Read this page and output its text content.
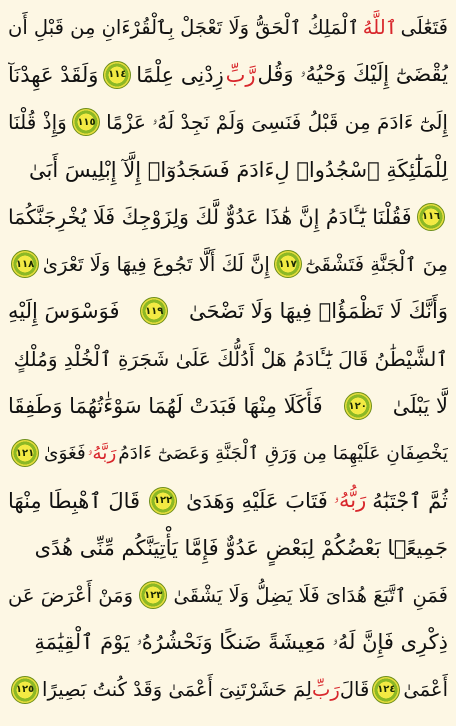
فَتَعَٰلَى
ٱللَّهُ
ٱلْمَلِكُ ٱلْحَقُّ وَلَا تَعْجَلْ بِٱلْقُرْءَانِ مِن قَبْلِ أَن
يُقْضَىٰٓ إِلَيْكَ وَحْيُهُۥ وَقُل
رَّبِّ
زِدْنِى عِلْمًا
١١٤
وَلَقَدْ عَهِدْنَآ
إِلَىٰٓ ءَادَمَ مِن قَبْلُ فَنَسِىَ وَلَمْ نَجِدْ لَهُۥ عَزْمًا
١١٥
وَإِذْ قُلْنَا
لِلْمَلَٰٓئِكَةِ ٱسْجُدُوا۟ لِءَادَمَ فَسَجَدُوٓا۟ إِلَّآ إِبْلِيسَ أَبَىٰ
١١٦
فَقُلْنَا يَٰٓـَٔادَمُ إِنَّ هَٰذَا عَدُوٌّ لَّكَ وَلِزَوْجِكَ فَلَا يُخْرِجَنَّكُمَا
مِنَ ٱلْجَنَّةِ فَتَشْقَىٰٓ
١١٧
إِنَّ لَكَ أَلَّا تَجُوعَ فِيهَا وَلَا تَعْرَىٰ
١١٨
وَأَنَّكَ لَا تَظْمَؤُا۟ فِيهَا وَلَا تَضْحَىٰ
١١٩
فَوَسْوَسَ إِلَيْهِ
ٱلشَّيْطَٰنُ قَالَ يَٰٓـَٔادَمُ هَلْ أَدُلُّكَ عَلَىٰ شَجَرَةِ ٱلْخُلْدِ وَمُلْكٍ
لَّا يَبْلَىٰ
١٢٠
فَأَكَلَا مِنْهَا فَبَدَتْ لَهُمَا سَوْءَٰتُهُمَا وَطَفِقَا
يَخْصِفَانِ عَلَيْهِمَا مِن وَرَقِ ٱلْجَنَّةِ وَعَصَىٰٓ ءَادَمُ
رَبَّهُۥ
فَغَوَىٰ
١٢١
ثُمَّ ٱجْتَبَٰهُ
رَبُّهُۥ
فَتَابَ عَلَيْهِ وَهَدَىٰ
١٢٢
قَالَ ٱهْبِطَا مِنْهَا
جَمِيعًۢا بَعْضُكُمْ لِبَعْضٍ عَدُوٌّ فَإِمَّا يَأْتِيَنَّكُم مِّنِّى هُدًى
فَمَنِ ٱتَّبَعَ هُدَاىَ فَلَا يَضِلُّ وَلَا يَشْقَىٰ
١٢٣
وَمَنْ أَعْرَضَ عَن
ذِكْرِى فَإِنَّ لَهُۥ مَعِيشَةً ضَنكًا وَنَحْشُرُهُۥ يَوْمَ ٱلْقِيَٰمَةِ
أَعْمَىٰ
١٢٤
قَالَ
رَبِّ
لِمَ حَشَرْتَنِىٓ أَعْمَىٰ وَقَدْ كُنتُ بَصِيرًا
١٢٥
